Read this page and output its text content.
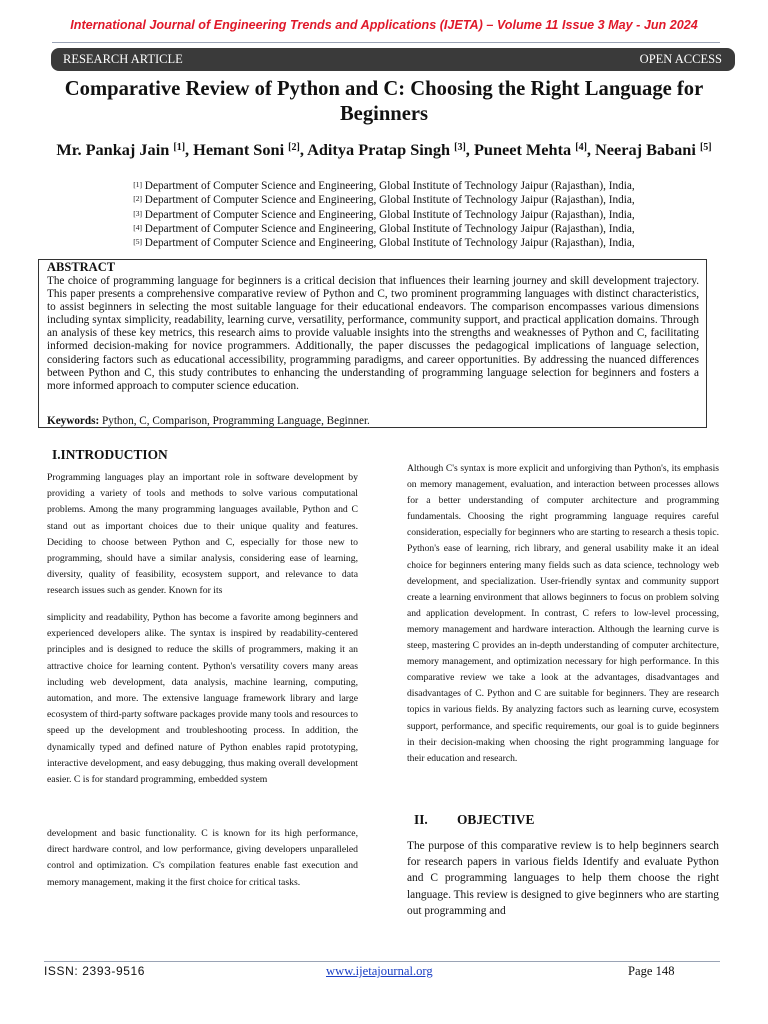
International Journal of Engineering Trends and Applications (IJETA) – Volume 11 Issue 3 May - Jun 2024
RESEARCH ARTICLE	OPEN ACCESS
Comparative Review of Python and C: Choosing the Right Language for Beginners
Mr. Pankaj Jain [1], Hemant Soni [2], Aditya Pratap Singh [3], Puneet Mehta [4], Neeraj Babani [5]
[1] Department of Computer Science and Engineering, Global Institute of Technology Jaipur (Rajasthan), India,
[2] Department of Computer Science and Engineering, Global Institute of Technology Jaipur (Rajasthan), India,
[3] Department of Computer Science and Engineering, Global Institute of Technology Jaipur (Rajasthan), India,
[4] Department of Computer Science and Engineering, Global Institute of Technology Jaipur (Rajasthan), India,
[5] Department of Computer Science and Engineering, Global Institute of Technology Jaipur (Rajasthan), India,
ABSTRACT
The choice of programming language for beginners is a critical decision that influences their learning journey and skill development trajectory. This paper presents a comprehensive comparative review of Python and C, two prominent programming languages with distinct characteristics, to assist beginners in selecting the most suitable language for their educational endeavors. The comparison encompasses various dimensions including syntax simplicity, readability, learning curve, versatility, performance, community support, and practical application domains. Through an analysis of these key metrics, this research aims to provide valuable insights into the strengths and weaknesses of Python and C, facilitating informed decision-making for novice programmers. Additionally, the paper discusses the pedagogical implications of language selection, considering factors such as educational accessibility, programming paradigms, and career opportunities. By addressing the nuanced differences between Python and C, this study contributes to enhancing the understanding of programming language selection for beginners and fosters a more informed approach to computer science education.
Keywords: Python, C, Comparison, Programming Language, Beginner.
I.INTRODUCTION
Programming languages play an important role in software development by providing a variety of tools and methods to solve various computational problems. Among the many programming languages available, Python and C stand out as important choices due to their unique quality and features. Deciding to choose between Python and C, especially for those new to programming, should have a similar analysis, considering ease of learning, diversity, quality of feasibility, ecosystem support, and relevance to data research issues such as gender. Known for its
simplicity and readability, Python has become a favorite among beginners and experienced developers alike. The syntax is inspired by readability-centered principles and is designed to reduce the skills of programmers, making it an attractive choice for learning content. Python's versatility covers many areas including web development, data analysis, machine learning, computing, automation, and more. The extensive language framework library and large ecosystem of third-party software packages provide many tools and resources to speed up the development and troubleshooting process. In addition, the dynamically typed and defined nature of Python enables rapid prototyping, interactive development, and easy debugging, thus making overall development easier. C is for standard programming, embedded system
development and basic functionality. C is known for its high performance, direct hardware control, and low performance, giving developers unparalleled control and optimization. C's compilation features enable fast execution and memory management, making it the first choice for critical tasks.
Although C's syntax is more explicit and unforgiving than Python's, its emphasis on memory management, evaluation, and interaction between processes allows for a better understanding of computer architecture and programming fundamentals. Choosing the right programming language requires careful consideration, especially for beginners who are starting to research a thesis topic. Python's ease of learning, rich library, and general usability make it an ideal choice for beginners entering many fields such as data science, technology web development, and specialization. User-friendly syntax and community support create a learning environment that allows beginners to focus on problem solving and application development. In contrast, C refers to low-level processing, memory management and hardware interaction. Although the learning curve is steep, mastering C provides an in-depth understanding of computer architecture, memory management, and optimization necessary for high performance. In this comparative review we take a look at the advantages, disadvantages and disadvantages of C. Python and C are suitable for beginners. They are research topics in various fields. By analyzing factors such as learning curve, ecosystem support, performance, and specific requirements, our goal is to guide beginners in their decision-making when choosing the right programming language for their education and research.
II. OBJECTIVE
The purpose of this comparative review is to help beginners search for research papers in various fields Identify and evaluate Python and C programming languages to help them choose the right language. This review is designed to give beginners who are starting out programming and
ISSN: 2393-9516	www.ijetajournal.org	Page 148
